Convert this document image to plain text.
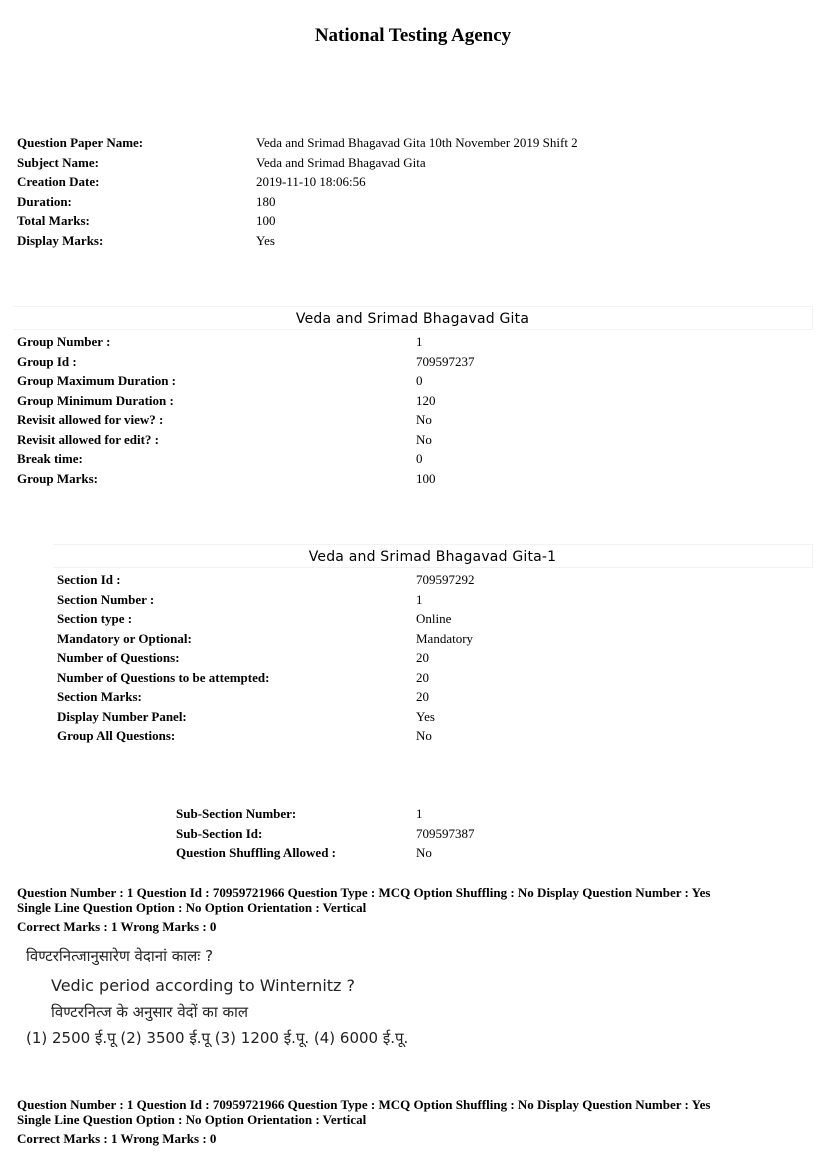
National Testing Agency
Question Paper Name:	Veda and Srimad Bhagavad Gita 10th November 2019 Shift 2
Subject Name:	Veda and Srimad Bhagavad Gita
Creation Date:	2019-11-10 18:06:56
Duration:	180
Total Marks:	100
Display Marks:	Yes
Veda and Srimad Bhagavad Gita
Group Number :	1
Group Id :	709597237
Group Maximum Duration :	0
Group Minimum Duration :	120
Revisit allowed for view? :	No
Revisit allowed for edit? :	No
Break time:	0
Group Marks:	100
Veda and Srimad Bhagavad Gita-1
Section Id :	709597292
Section Number :	1
Section type :	Online
Mandatory or Optional:	Mandatory
Number of Questions:	20
Number of Questions to be attempted:	20
Section Marks:	20
Display Number Panel:	Yes
Group All Questions:	No
Sub-Section Number:	1
Sub-Section Id:	709597387
Question Shuffling Allowed :	No
Question Number : 1 Question Id : 70959721966 Question Type : MCQ Option Shuffling : No Display Question Number : Yes
Single Line Question Option : No Option Orientation : Vertical
Correct Marks : 1 Wrong Marks : 0
विण्टरनित्जानुसारेण वेदानां कालः ?
Vedic period according to Winternitz ?
विण्टरनित्ज के अनुसार वेदों का काल
(1) 2500 ई.पू (2) 3500 ई.पू (3) 1200 ई.पू. (4) 6000 ई.पू.
Question Number : 1 Question Id : 70959721966 Question Type : MCQ Option Shuffling : No Display Question Number : Yes
Single Line Question Option : No Option Orientation : Vertical
Correct Marks : 1 Wrong Marks : 0
